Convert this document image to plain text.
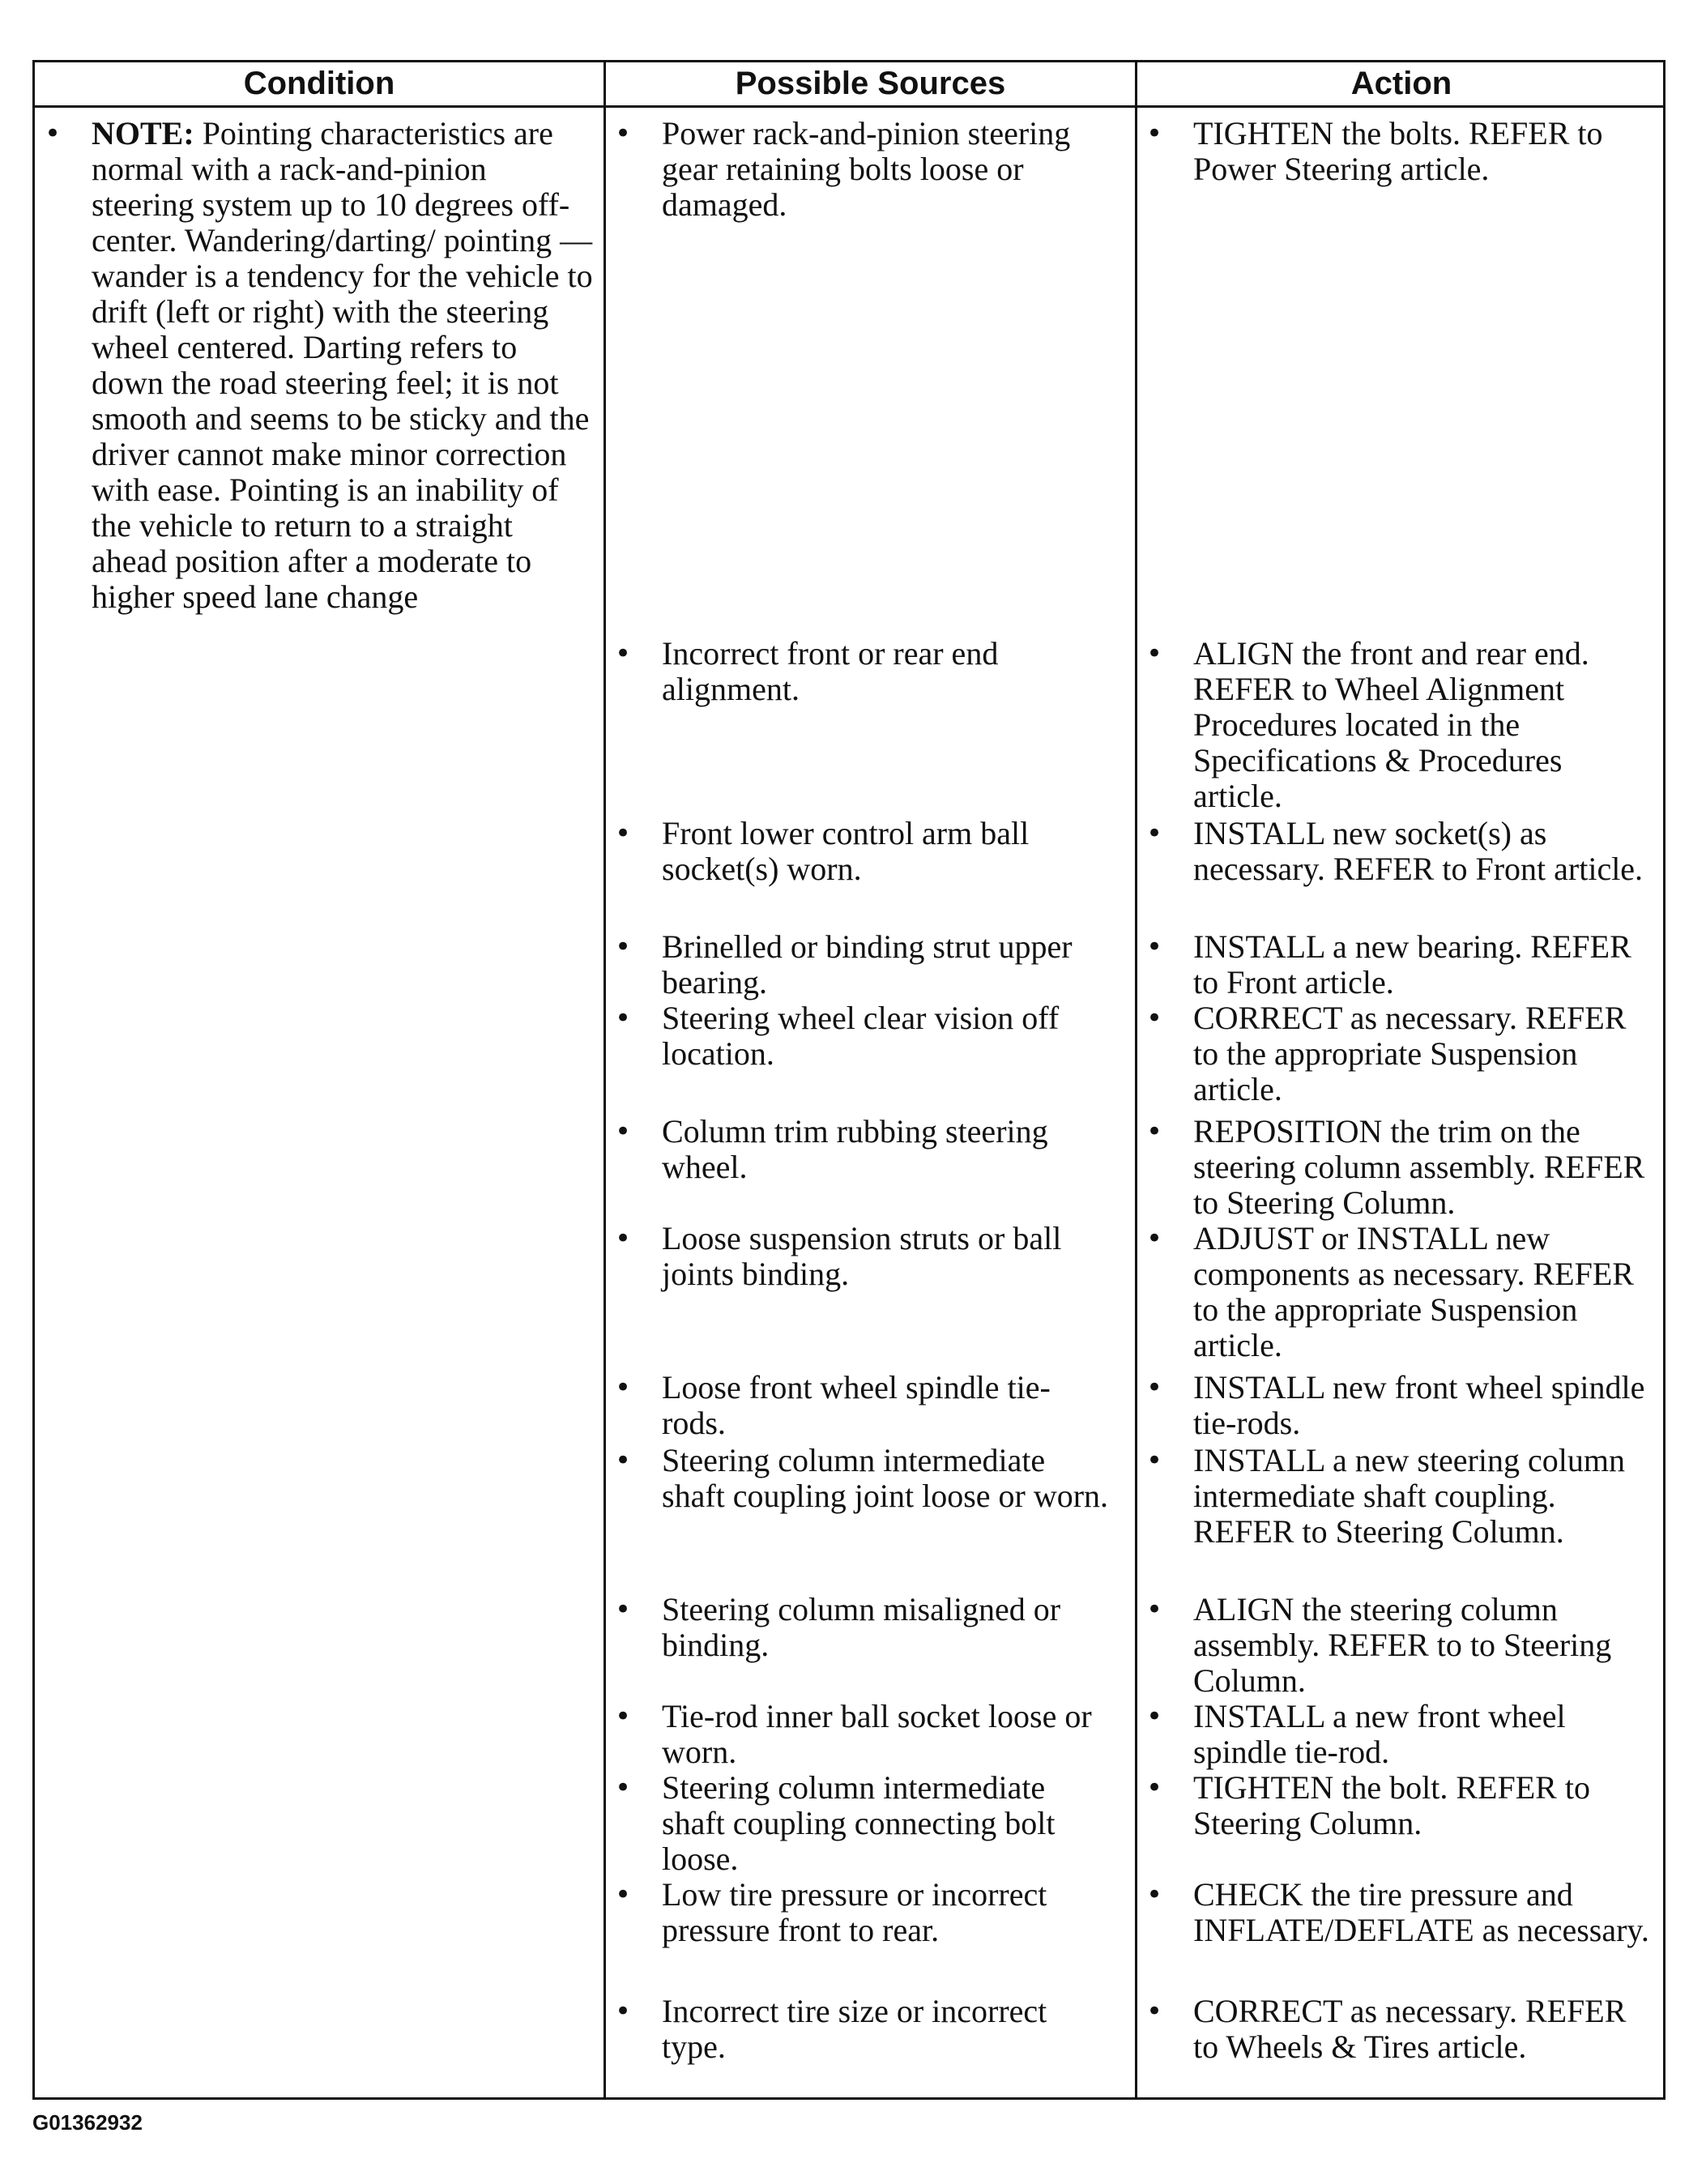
Condition	Possible Sources	Action
• NOTE: Pointing characteristics are normal with a rack-and-pinion steering system up to 10 degrees off-center. Wandering/darting/ pointing — wander is a tendency for the vehicle to drift (left or right) with the steering wheel centered. Darting refers to down the road steering feel; it is not smooth and seems to be sticky and the driver cannot make minor correction with ease. Pointing is an inability of the vehicle to return to a straight ahead position after a moderate to higher speed lane change
• Power rack-and-pinion steering gear retaining bolts loose or damaged.
• TIGHTEN the bolts. REFER to Power Steering article.
• Incorrect front or rear end alignment.
• ALIGN the front and rear end. REFER to Wheel Alignment Procedures located in the Specifications & Procedures article.
• Front lower control arm ball socket(s) worn.
• INSTALL new socket(s) as necessary. REFER to Front article.
• Brinelled or binding strut upper bearing.
• INSTALL a new bearing. REFER to Front article.
• Steering wheel clear vision off location.
• CORRECT as necessary. REFER to the appropriate Suspension article.
• Column trim rubbing steering wheel.
• REPOSITION the trim on the steering column assembly. REFER to Steering Column.
• Loose suspension struts or ball joints binding.
• ADJUST or INSTALL new components as necessary. REFER to the appropriate Suspension article.
• Loose front wheel spindle tie-rods.
• INSTALL new front wheel spindle tie-rods.
• Steering column intermediate shaft coupling joint loose or worn.
• INSTALL a new steering column intermediate shaft coupling. REFER to Steering Column.
• Steering column misaligned or binding.
• ALIGN the steering column assembly. REFER to to Steering Column.
• Tie-rod inner ball socket loose or worn.
• INSTALL a new front wheel spindle tie-rod.
• Steering column intermediate shaft coupling connecting bolt loose.
• TIGHTEN the bolt. REFER to Steering Column.
• Low tire pressure or incorrect pressure front to rear.
• CHECK the tire pressure and INFLATE/DEFLATE as necessary.
• Incorrect tire size or incorrect type.
• CORRECT as necessary. REFER to Wheels & Tires article.
G01362932
